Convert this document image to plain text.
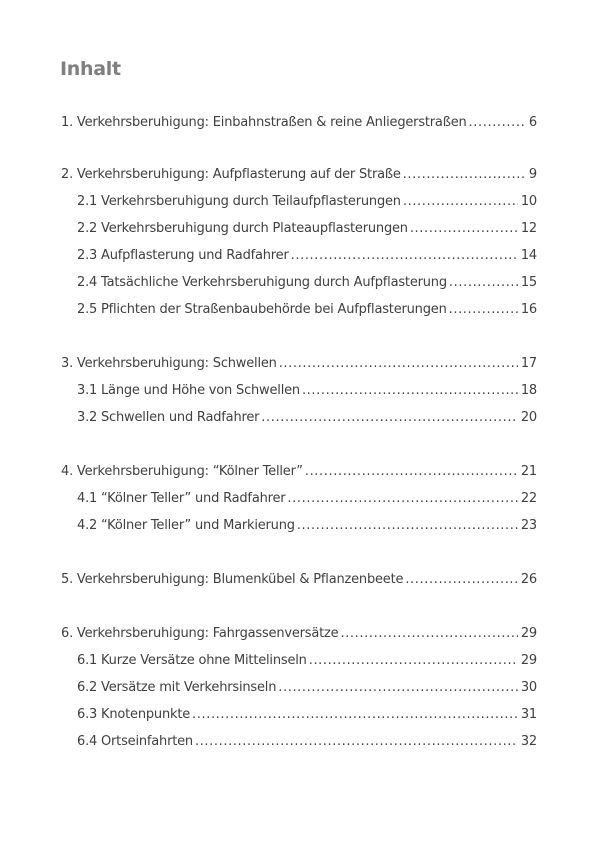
Inhalt
1. Verkehrsberuhigung: Einbahnstraßen & reine Anliegerstraßen .....	6
2. Verkehrsberuhigung: Aufpflasterung auf der Straße .....	9
2.1 Verkehrsberuhigung durch Teilaufpflasterungen .....	10
2.2 Verkehrsberuhigung durch Plateaupflasterungen .....	12
2.3 Aufpflasterung und Radfahrer .....	14
2.4 Tatsächliche Verkehrsberuhigung durch Aufpflasterung .....	15
2.5 Pflichten der Straßenbaubehörde bei Aufpflasterungen .....	16
3. Verkehrsberuhigung: Schwellen .....	17
3.1 Länge und Höhe von Schwellen .....	18
3.2 Schwellen und Radfahrer .....	20
4. Verkehrsberuhigung: “Kölner Teller” .....	21
4.1 “Kölner Teller” und Radfahrer .....	22
4.2 “Kölner Teller” und Markierung .....	23
5. Verkehrsberuhigung: Blumenkübel & Pflanzenbeete .....	26
6. Verkehrsberuhigung: Fahrgassenversätze .....	29
6.1 Kurze Versätze ohne Mittelinseln .....	29
6.2 Versätze mit Verkehrsinseln .....	30
6.3 Knotenpunkte .....	31
6.4 Ortseinfahrten .....	32
